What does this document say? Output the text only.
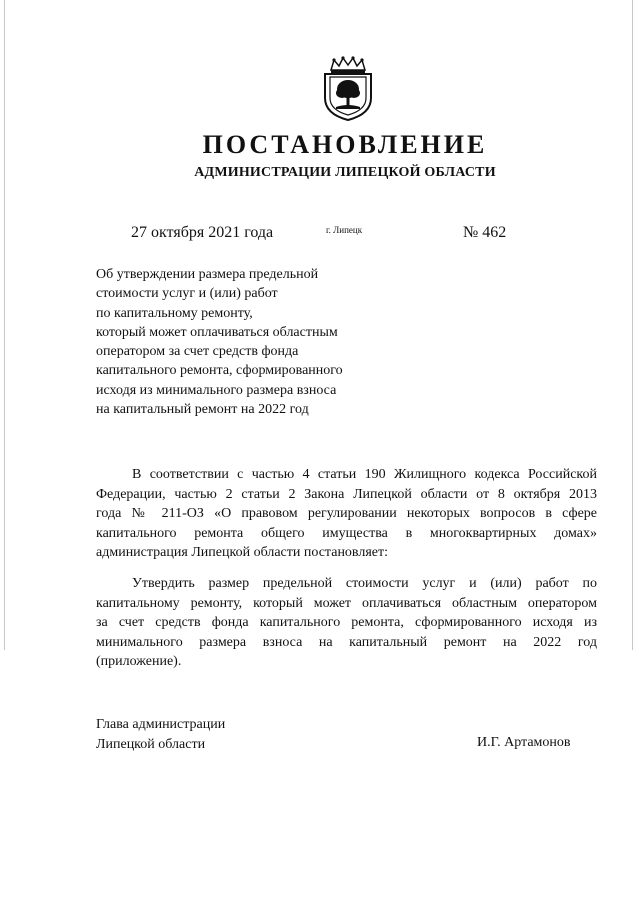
ПОСТАНОВЛЕНИЕ
АДМИНИСТРАЦИИ ЛИПЕЦКОЙ ОБЛАСТИ
27 октября 2021 года	г. Липецк	№ 462
Об утверждении размера предельной
стоимости услуг и (или) работ
по капитальному ремонту,
который может оплачиваться областным
оператором за счет средств фонда
капитального ремонта, сформированного
исходя из минимального размера взноса
на капитальный ремонт на 2022 год
В соответствии с частью 4 статьи 190 Жилищного кодекса Российской
Федерации, частью 2 статьи 2 Закона Липецкой области от 8 октября 2013
года № 211-ОЗ «О правовом регулировании некоторых вопросов в сфере
капитального ремонта общего имущества в многоквартирных домах»
администрация Липецкой области постановляет:
Утвердить размер предельной стоимости услуг и (или) работ по
капитальному ремонту, который может оплачиваться областным оператором
за счет средств фонда капитального ремонта, сформированного исходя из
минимального размера взноса на капитальный ремонт на 2022 год
(приложение).
Глава администрации
Липецкой области	И.Г. Артамонов
